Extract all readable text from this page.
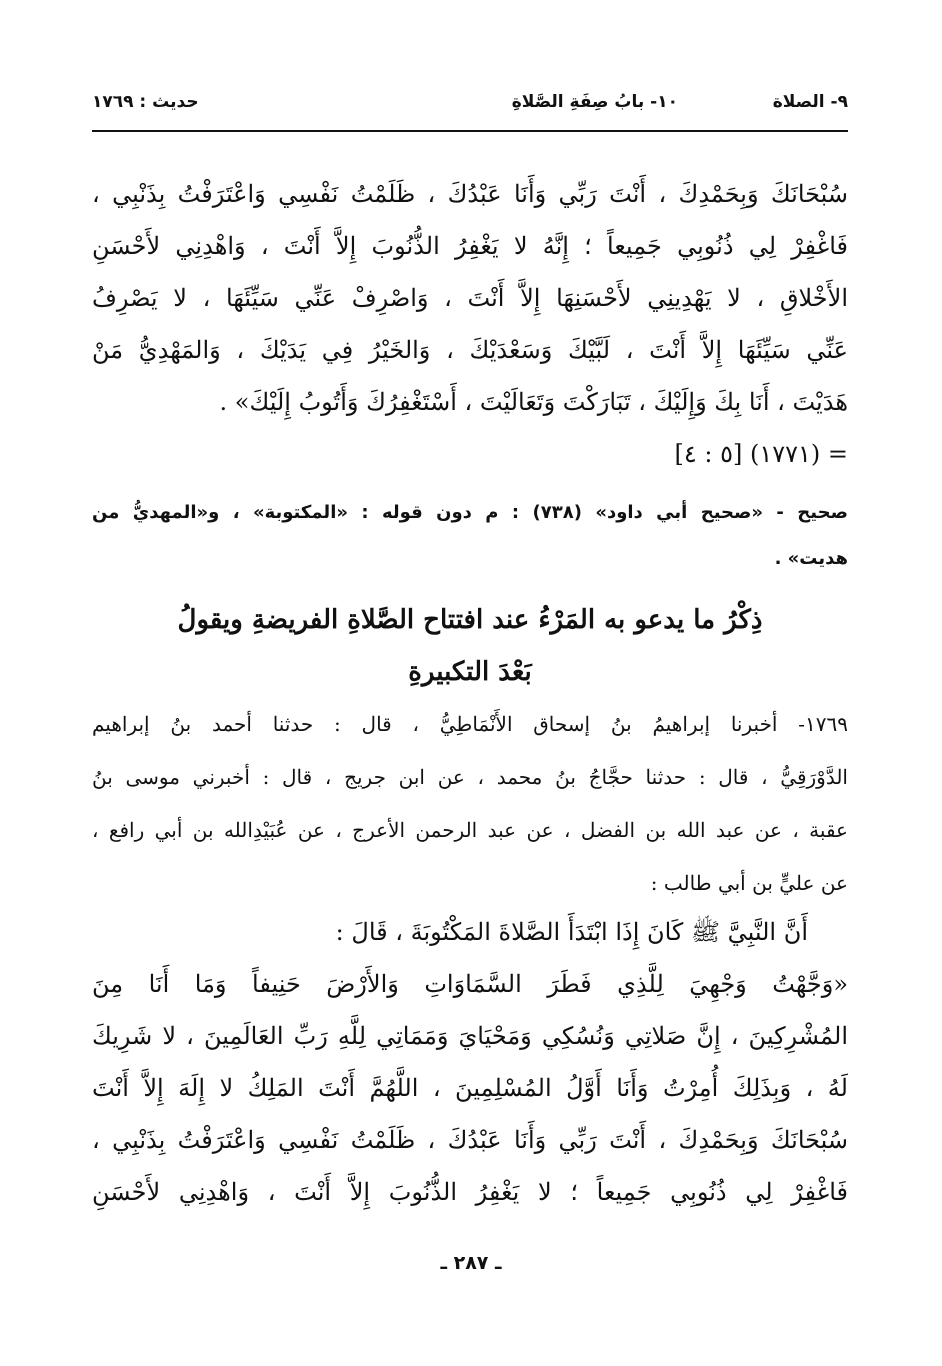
٩- الصلاة
١٠- بابُ صِفَةِ الصَّلاةِ
حديث : ١٧٦٩
سُبْحَانَكَ وَبِحَمْدِكَ ، أَنْتَ رَبِّي وَأَنَا عَبْدُكَ ، ظَلَمْتُ نَفْسِي وَاعْتَرَفْتُ بِذَنْبِي ،
فَاغْفِرْ لِي ذُنُوبِي جَمِيعاً ؛ إِنَّهُ لا يَغْفِرُ الذُّنُوبَ إِلاَّ أَنْتَ ، وَاهْدِنِي لأَحْسَنِ
الأَخْلاقِ ، لا يَهْدِينِي لأَحْسَنِهَا إِلاَّ أَنْتَ ، وَاصْرِفْ عَنِّي سَيِّئَهَا ، لا يَصْرِفُ
عَنِّي سَيِّئَهَا إِلاَّ أَنْتَ ، لَبَّيْكَ وَسَعْدَيْكَ ، وَالخَيْرُ فِي يَدَيْكَ ، وَالمَهْدِيُّ مَنْ
هَدَيْتَ ، أَنَا بِكَ وَإِلَيْكَ ، تَبَارَكْتَ وَتَعَالَيْتَ ، أَسْتَغْفِرُكَ وَأَتُوبُ إِلَيْكَ» .
= (١٧٧١) [٥ : ٤]
صحيح - «صحيح أبي داود» (٧٣٨) : م دون قوله : «المكتوبة» ، و«المهديُّ من
هديت» .
ذِكْرُ ما يدعو به المَرْءُ عند افتتاح الصَّلاةِ الفريضةِ ويقولُ
بَعْدَ التكبيرةِ
١٧٦٩- أخبرنا إبراهيمُ بنُ إسحاق الأَنْمَاطِيُّ ، قال : حدثنا أحمد بنُ إبراهيم
الدَّوْرَقِيُّ ، قال : حدثنا حجَّاجُ بنُ محمد ، عن ابن جريج ، قال : أخبرني موسى بنُ
عقبة ، عن عبد الله بن الفضل ، عن عبد الرحمن الأعرج ، عن عُبَيْدِالله بن أبي رافع ،
عن عليٍّ بن أبي طالب :
أَنَّ النَّبِيَّ ﷺ كَانَ إِذَا ابْتَدَأَ الصَّلاةَ المَكْتُوبَةَ ، قَالَ :
«وَجَّهْتُ وَجْهِيَ لِلَّذِي فَطَرَ السَّمَاوَاتِ وَالأَرْضَ حَنِيفاً وَمَا أَنَا مِنَ
المُشْرِكِينَ ، إِنَّ صَلاتِي وَنُسُكِي وَمَحْيَايَ وَمَمَاتِي لِلَّهِ رَبِّ العَالَمِينَ ، لا شَرِيكَ
لَهُ ، وَبِذَلِكَ أُمِرْتُ وَأَنَا أَوَّلُ المُسْلِمِينَ ، اللَّهُمَّ أَنْتَ المَلِكُ لا إِلَهَ إِلاَّ أَنْتَ
سُبْحَانَكَ وَبِحَمْدِكَ ، أَنْتَ رَبِّي وَأَنَا عَبْدُكَ ، ظَلَمْتُ نَفْسِي وَاعْتَرَفْتُ بِذَنْبِي ،
فَاغْفِرْ لِي ذُنُوبِي جَمِيعاً ؛ لا يَغْفِرُ الذُّنُوبَ إِلاَّ أَنْتَ ، وَاهْدِنِي لأَحْسَنِ
ـ ٢٨٧ ـ
